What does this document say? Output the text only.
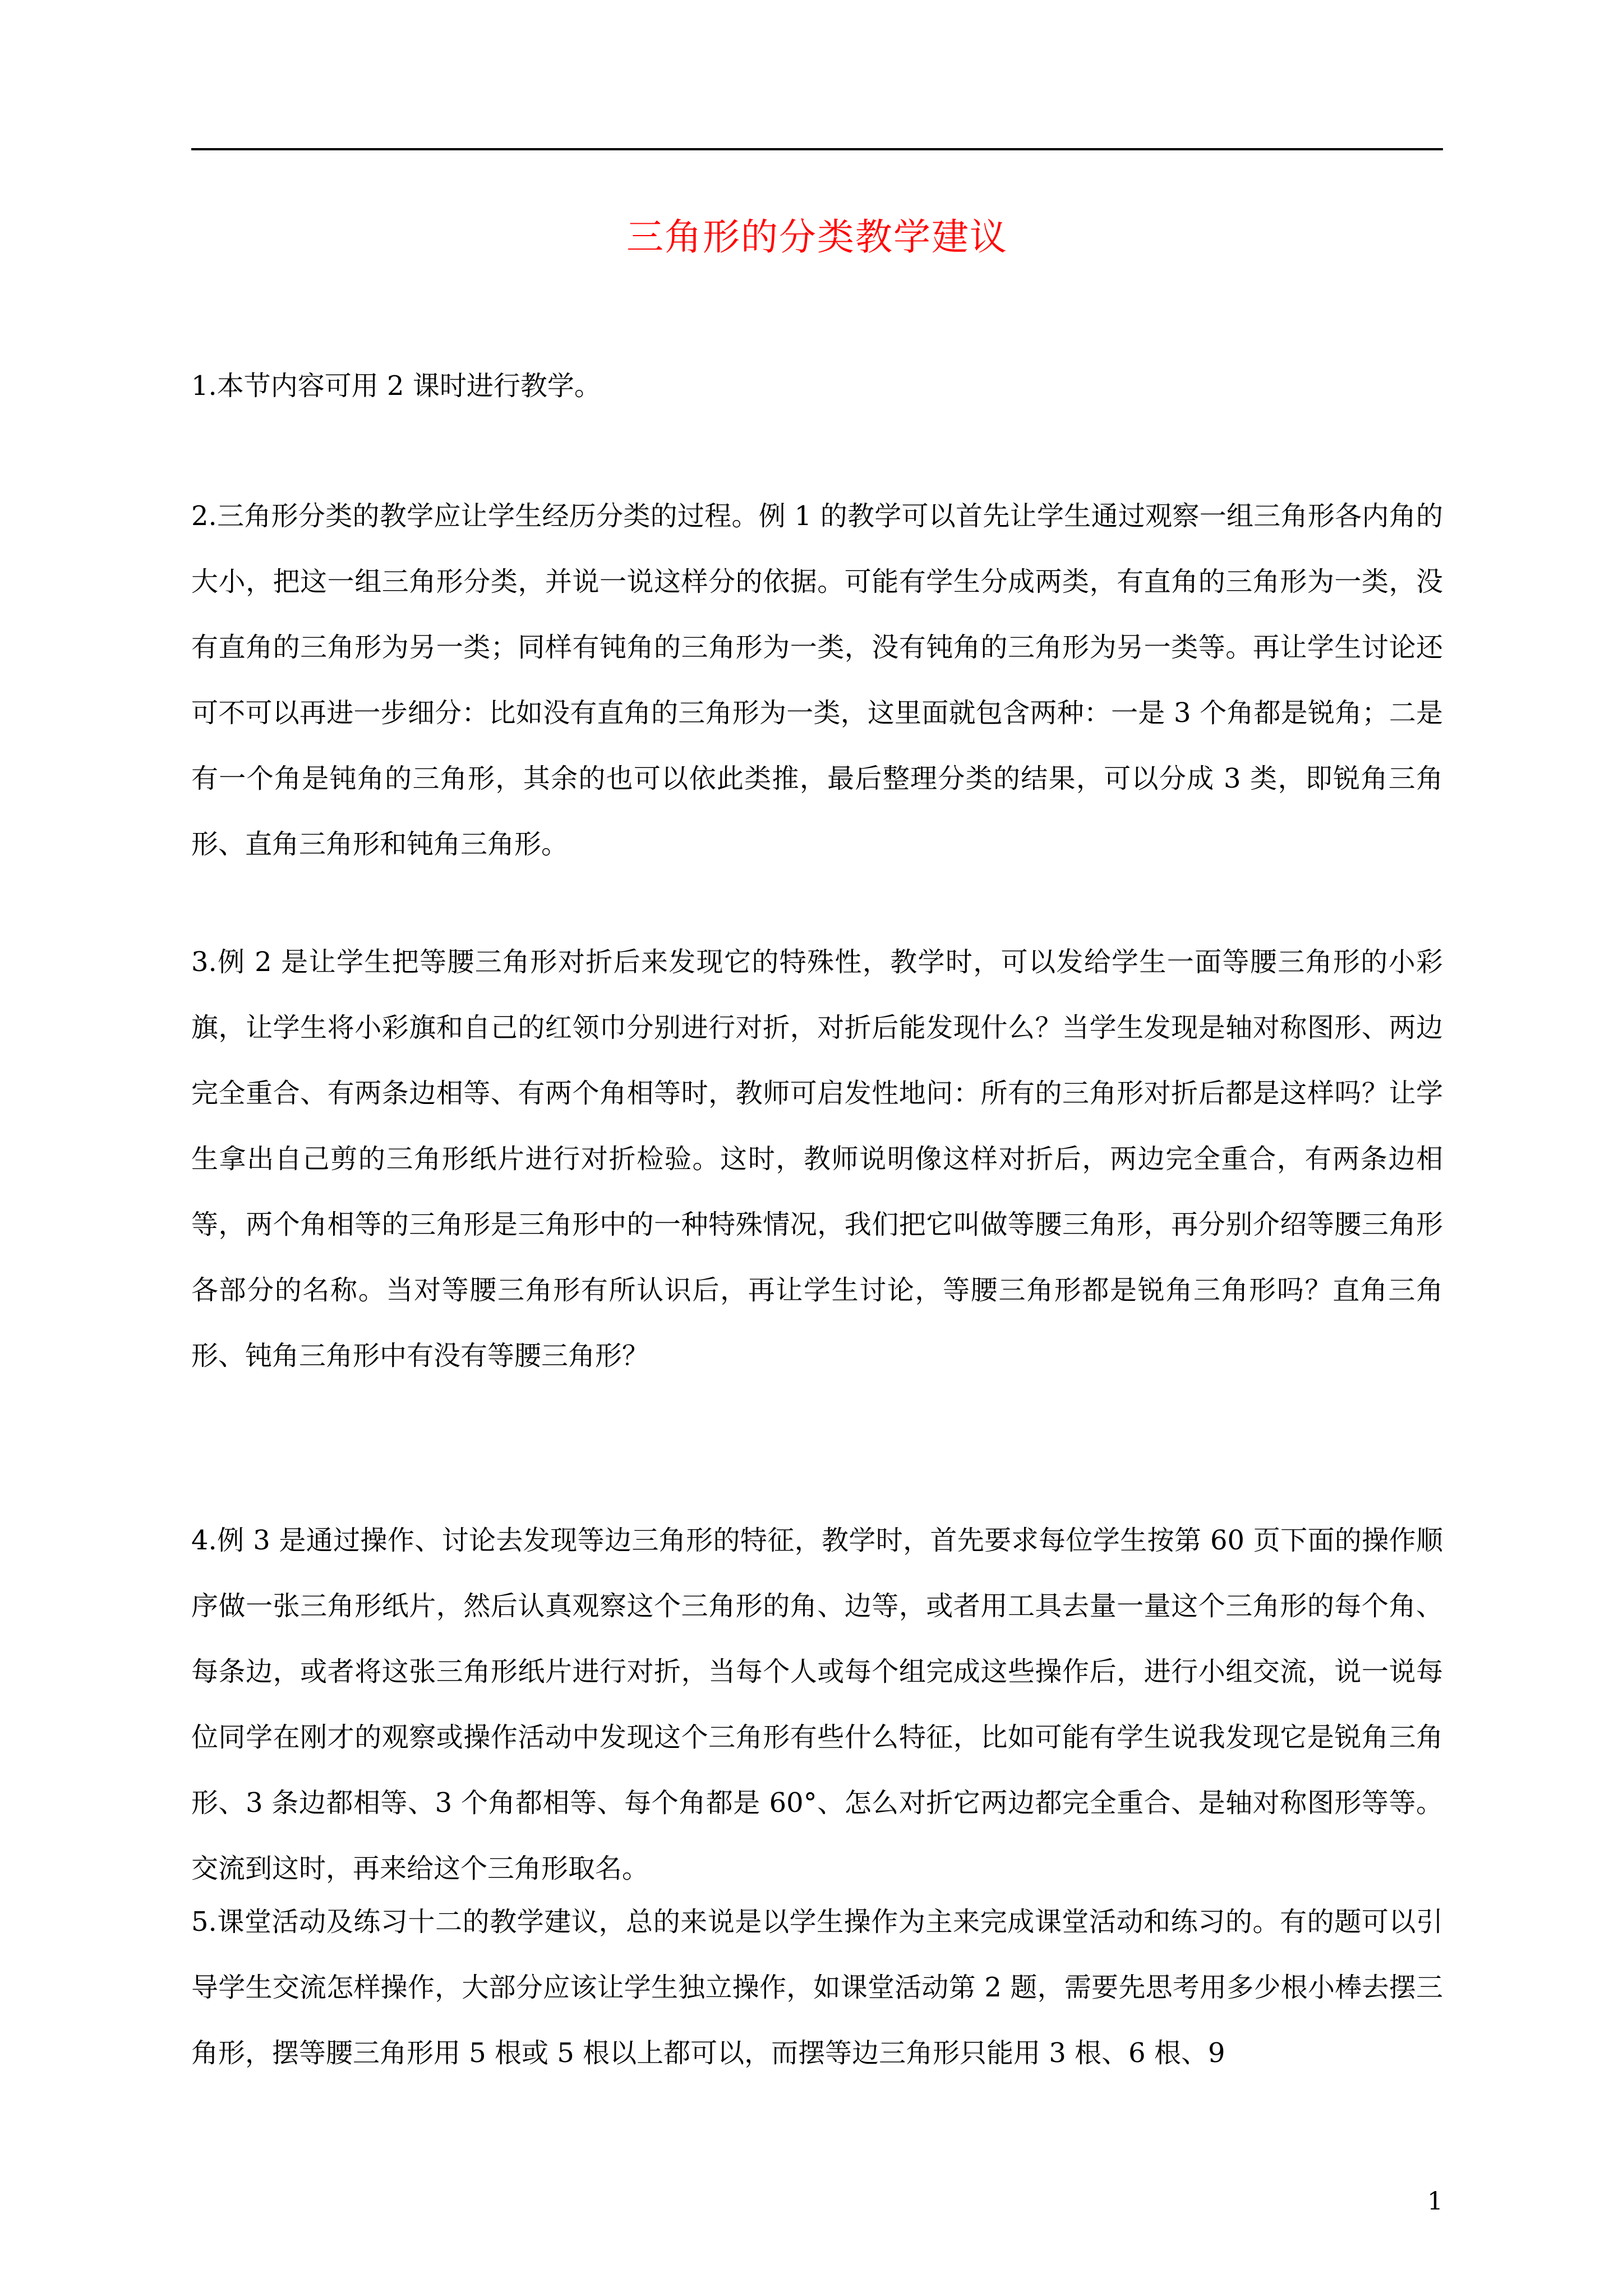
三角形的分类教学建议

1.本节内容可用 2 课时进行教学。

2.三角形分类的教学应让学生经历分类的过程。例 1 的教学可以首先让学生通过观察一组三角形各内角的大小，把这一组三角形分类，并说一说这样分的依据。可能有学生分成两类，有直角的三角形为一类，没有直角的三角形为另一类；同样有钝角的三角形为一类，没有钝角的三角形为另一类等。再让学生讨论还可不可以再进一步细分：比如没有直角的三角形为一类，这里面就包含两种：一是 3 个角都是锐角；二是有一个角是钝角的三角形，其余的也可以依此类推，最后整理分类的结果，可以分成 3 类，即锐角三角形、直角三角形和钝角三角形。

3.例 2 是让学生把等腰三角形对折后来发现它的特殊性，教学时，可以发给学生一面等腰三角形的小彩旗，让学生将小彩旗和自己的红领巾分别进行对折，对折后能发现什么？当学生发现是轴对称图形、两边完全重合、有两条边相等、有两个角相等时，教师可启发性地问：所有的三角形对折后都是这样吗？让学生拿出自己剪的三角形纸片进行对折检验。这时，教师说明像这样对折后，两边完全重合，有两条边相等，两个角相等的三角形是三角形中的一种特殊情况，我们把它叫做等腰三角形，再分别介绍等腰三角形各部分的名称。当对等腰三角形有所认识后，再让学生讨论，等腰三角形都是锐角三角形吗？直角三角形、钝角三角形中有没有等腰三角形？

4.例 3 是通过操作、讨论去发现等边三角形的特征，教学时，首先要求每位学生按第 60 页下面的操作顺序做一张三角形纸片，然后认真观察这个三角形的角、边等，或者用工具去量一量这个三角形的每个角、每条边，或者将这张三角形纸片进行对折，当每个人或每个组完成这些操作后，进行小组交流，说一说每位同学在刚才的观察或操作活动中发现这个三角形有些什么特征，比如可能有学生说我发现它是锐角三角形、3 条边都相等、3 个角都相等、每个角都是 60°、怎么对折它两边都完全重合、是轴对称图形等等。交流到这时，再来给这个三角形取名。

5.课堂活动及练习十二的教学建议，总的来说是以学生操作为主来完成课堂活动和练习的。有的题可以引导学生交流怎样操作，大部分应该让学生独立操作，如课堂活动第 2 题，需要先思考用多少根小棒去摆三角形，摆等腰三角形用 5 根或 5 根以上都可以，而摆等边三角形只能用 3 根、6 根、9

1
